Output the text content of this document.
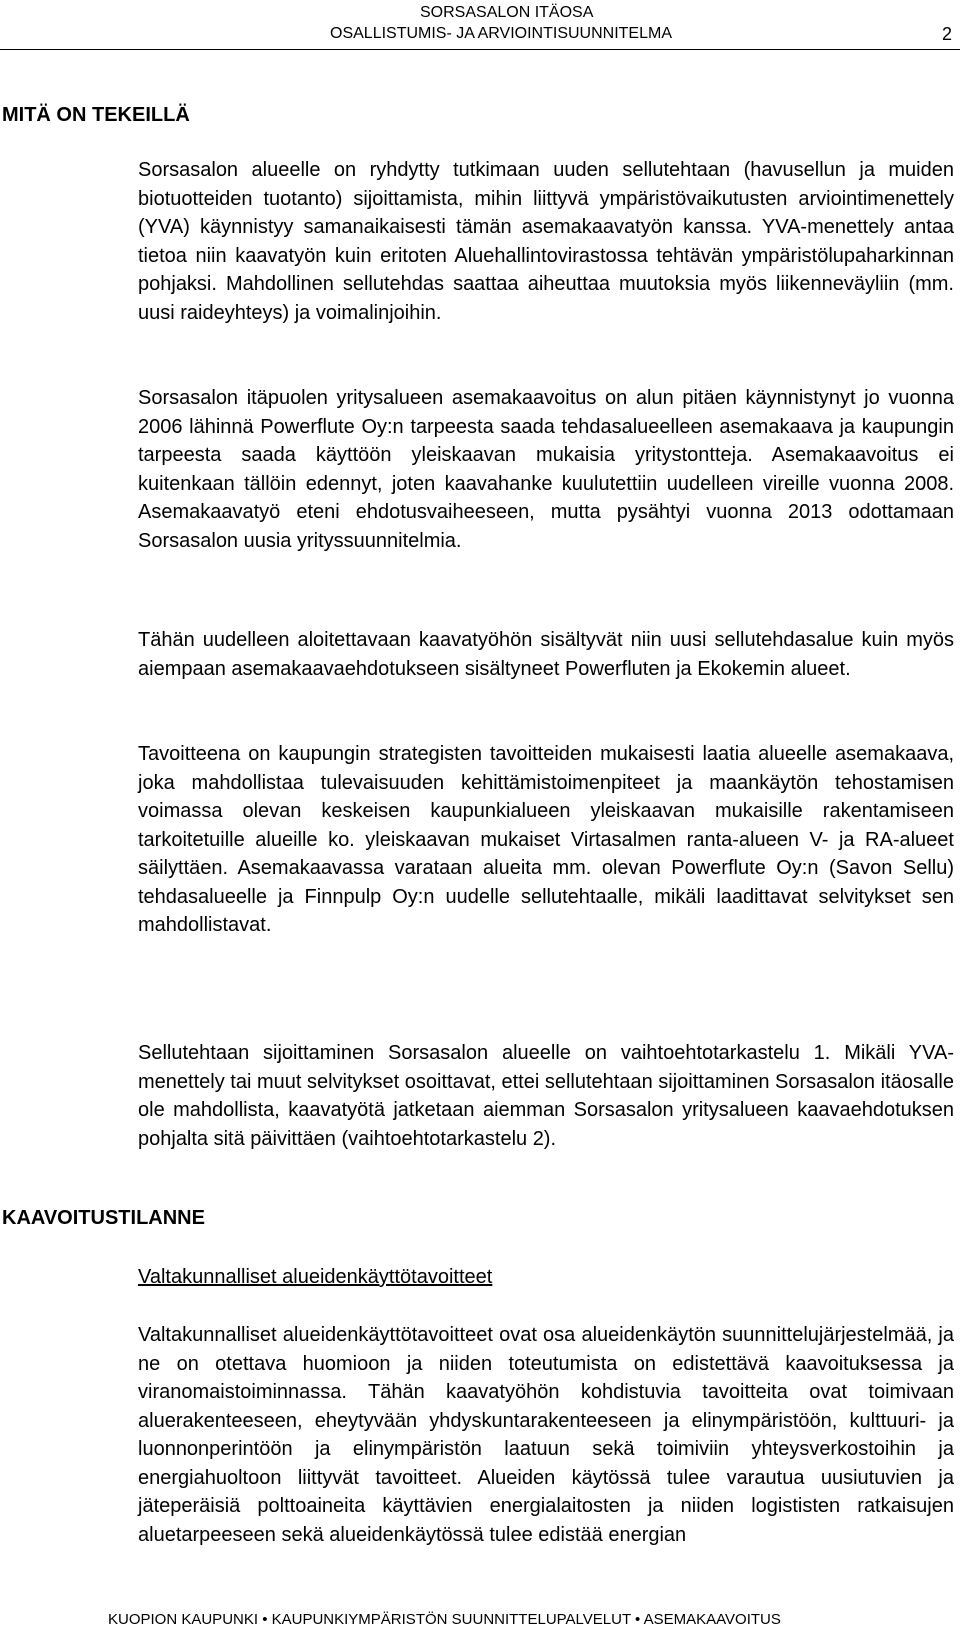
SORSASALON ITÄOSA
OSALLISTUMIS- JA ARVIOINTISUUNNITELMA	2
MITÄ ON TEKEILLÄ

Sorsasalon alueelle on ryhdytty tutkimaan uuden sellutehtaan (havusellun ja muiden biotuotteiden tuotanto) sijoittamista, mihin liittyvä ympäristövaikutusten arviointimenettely (YVA) käynnistyy samanaikaisesti tämän asemakaavatyön kanssa. YVA-menettely antaa tietoa niin kaavatyön kuin eritoten Aluehallintovirastossa tehtävän ympäristölupaharkinnan pohjaksi. Mahdollinen sellutehdas saattaa aiheuttaa muutoksia myös liikenneväyliin (mm. uusi raideyhteys) ja voimalinjoihin.

Sorsasalon itäpuolen yritysalueen asemakaavoitus on alun pitäen käynnistynyt jo vuonna 2006 lähinnä Powerflute Oy:n tarpeesta saada tehdasalueelleen asemakaava ja kaupungin tarpeesta saada käyttöön yleiskaavan mukaisia yritystontteja. Asemakaavoitus ei kuitenkaan tällöin edennyt, joten kaavahanke kuulutettiin uudelleen vireille vuonna 2008. Asemakaavatyö eteni ehdotusvaiheeseen, mutta pysähtyi vuonna 2013 odottamaan Sorsasalon uusia yrityssuunnitelmia.

Tähän uudelleen aloitettavaan kaavatyöhön sisältyvät niin uusi sellutehdasalue kuin myös aiempaan asemakaavaehdotukseen sisältyneet Powerfluten ja Ekokemin alueet.

Tavoitteena on kaupungin strategisten tavoitteiden mukaisesti laatia alueelle asemakaava, joka mahdollistaa tulevaisuuden kehittämistoimenpiteet ja maankäytön tehostamisen voimassa olevan keskeisen kaupunkialueen yleiskaavan mukaisille rakentamiseen tarkoitetuille alueille ko. yleiskaavan mukaiset Virtasalmen ranta-alueen V- ja RA-alueet säilyttäen. Asemakaavassa varataan alueita mm. olevan Powerflute Oy:n (Savon Sellu) tehdasalueelle ja Finnpulp Oy:n uudelle sellutehtaalle, mikäli laadittavat selvitykset sen mahdollistavat.

Sellutehtaan sijoittaminen Sorsasalon alueelle on vaihtoehtotarkastelu 1. Mikäli YVA-menettely tai muut selvitykset osoittavat, ettei sellutehtaan sijoittaminen Sorsasalon itäosalle ole mahdollista, kaavatyötä jatketaan aiemman Sorsasalon yritysalueen kaavaehdotuksen pohjalta sitä päivittäen (vaihtoehtotarkastelu 2).

KAAVOITUSTILANNE

Valtakunnalliset alueidenkäyttötavoitteet

Valtakunnalliset alueidenkäyttötavoitteet ovat osa alueidenkäytön suunnittelujärjestelmää, ja ne on otettava huomioon ja niiden toteutumista on edistettävä kaavoituksessa ja viranomaistoiminnassa. Tähän kaavatyöhön kohdistuvia tavoitteita ovat toimivaan aluerakenteeseen, eheytyvään yhdyskuntarakenteeseen ja elinympäristöön, kulttuuri- ja luonnonperintöön ja elinympäristön laatuun sekä toimiviin yhteysverkostoihin ja energiahuoltoon liittyvät tavoitteet. Alueiden käytössä tulee varautua uusiutuvien ja jäteperäisiä polttoaineita käyttävien energialaitosten ja niiden logististen ratkaisujen aluetarpeeseen sekä alueidenkäytössä tulee edistää energian

KUOPION KAUPUNKI • KAUPUNKIYMPÄRISTÖN SUUNNITTELUPALVELUT • ASEMAKAAVOITUS
